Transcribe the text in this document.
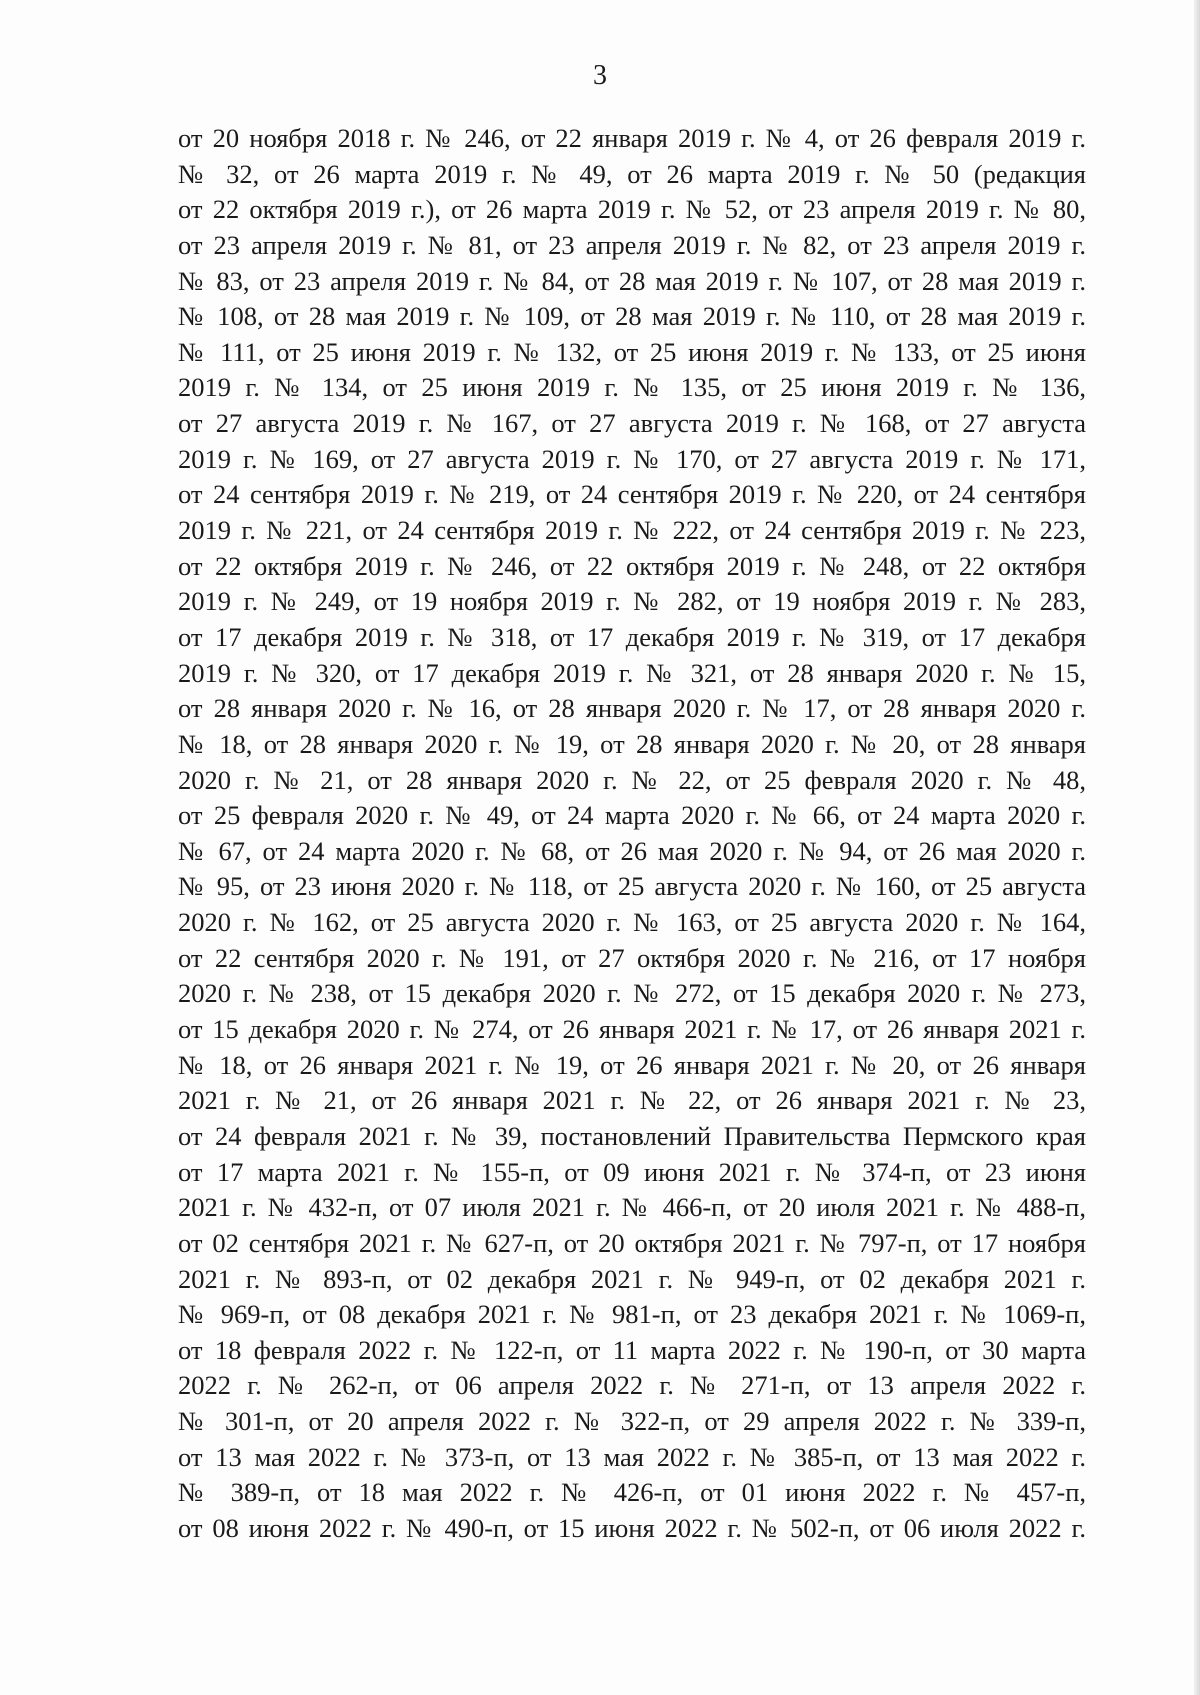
3
от 20 ноября 2018 г. № 246, от 22 января 2019 г. № 4, от 26 февраля 2019 г.
№ 32, от 26 марта 2019 г. № 49, от 26 марта 2019 г. № 50 (редакция
от 22 октября 2019 г.), от 26 марта 2019 г. № 52, от 23 апреля 2019 г. № 80,
от 23 апреля 2019 г. № 81, от 23 апреля 2019 г. № 82, от 23 апреля 2019 г.
№ 83, от 23 апреля 2019 г. № 84, от 28 мая 2019 г. № 107, от 28 мая 2019 г.
№ 108, от 28 мая 2019 г. № 109, от 28 мая 2019 г. № 110, от 28 мая 2019 г.
№ 111, от 25 июня 2019 г. № 132, от 25 июня 2019 г. № 133, от 25 июня
2019 г. № 134, от 25 июня 2019 г. № 135, от 25 июня 2019 г. № 136,
от 27 августа 2019 г. № 167, от 27 августа 2019 г. № 168, от 27 августа
2019 г. № 169, от 27 августа 2019 г. № 170, от 27 августа 2019 г. № 171,
от 24 сентября 2019 г. № 219, от 24 сентября 2019 г. № 220, от 24 сентября
2019 г. № 221, от 24 сентября 2019 г. № 222, от 24 сентября 2019 г. № 223,
от 22 октября 2019 г. № 246, от 22 октября 2019 г. № 248, от 22 октября
2019 г. № 249, от 19 ноября 2019 г. № 282, от 19 ноября 2019 г. № 283,
от 17 декабря 2019 г. № 318, от 17 декабря 2019 г. № 319, от 17 декабря
2019 г. № 320, от 17 декабря 2019 г. № 321, от 28 января 2020 г. № 15,
от 28 января 2020 г. № 16, от 28 января 2020 г. № 17, от 28 января 2020 г.
№ 18, от 28 января 2020 г. № 19, от 28 января 2020 г. № 20, от 28 января
2020 г. № 21, от 28 января 2020 г. № 22, от 25 февраля 2020 г. № 48,
от 25 февраля 2020 г. № 49, от 24 марта 2020 г. № 66, от 24 марта 2020 г.
№ 67, от 24 марта 2020 г. № 68, от 26 мая 2020 г. № 94, от 26 мая 2020 г.
№ 95, от 23 июня 2020 г. № 118, от 25 августа 2020 г. № 160, от 25 августа
2020 г. № 162, от 25 августа 2020 г. № 163, от 25 августа 2020 г. № 164,
от 22 сентября 2020 г. № 191, от 27 октября 2020 г. № 216, от 17 ноября
2020 г. № 238, от 15 декабря 2020 г. № 272, от 15 декабря 2020 г. № 273,
от 15 декабря 2020 г. № 274, от 26 января 2021 г. № 17, от 26 января 2021 г.
№ 18, от 26 января 2021 г. № 19, от 26 января 2021 г. № 20, от 26 января
2021 г. № 21, от 26 января 2021 г. № 22, от 26 января 2021 г. № 23,
от 24 февраля 2021 г. № 39, постановлений Правительства Пермского края
от 17 марта 2021 г. № 155-п, от 09 июня 2021 г. № 374-п, от 23 июня
2021 г. № 432-п, от 07 июля 2021 г. № 466-п, от 20 июля 2021 г. № 488-п,
от 02 сентября 2021 г. № 627-п, от 20 октября 2021 г. № 797-п, от 17 ноября
2021 г. № 893-п, от 02 декабря 2021 г. № 949-п, от 02 декабря 2021 г.
№ 969-п, от 08 декабря 2021 г. № 981-п, от 23 декабря 2021 г. № 1069-п,
от 18 февраля 2022 г. № 122-п, от 11 марта 2022 г. № 190-п, от 30 марта
2022 г. № 262-п, от 06 апреля 2022 г. № 271-п, от 13 апреля 2022 г.
№ 301-п, от 20 апреля 2022 г. № 322-п, от 29 апреля 2022 г. № 339-п,
от 13 мая 2022 г. № 373-п, от 13 мая 2022 г. № 385-п, от 13 мая 2022 г.
№ 389-п, от 18 мая 2022 г. № 426-п, от 01 июня 2022 г. № 457-п,
от 08 июня 2022 г. № 490-п, от 15 июня 2022 г. № 502-п, от 06 июля 2022 г.
